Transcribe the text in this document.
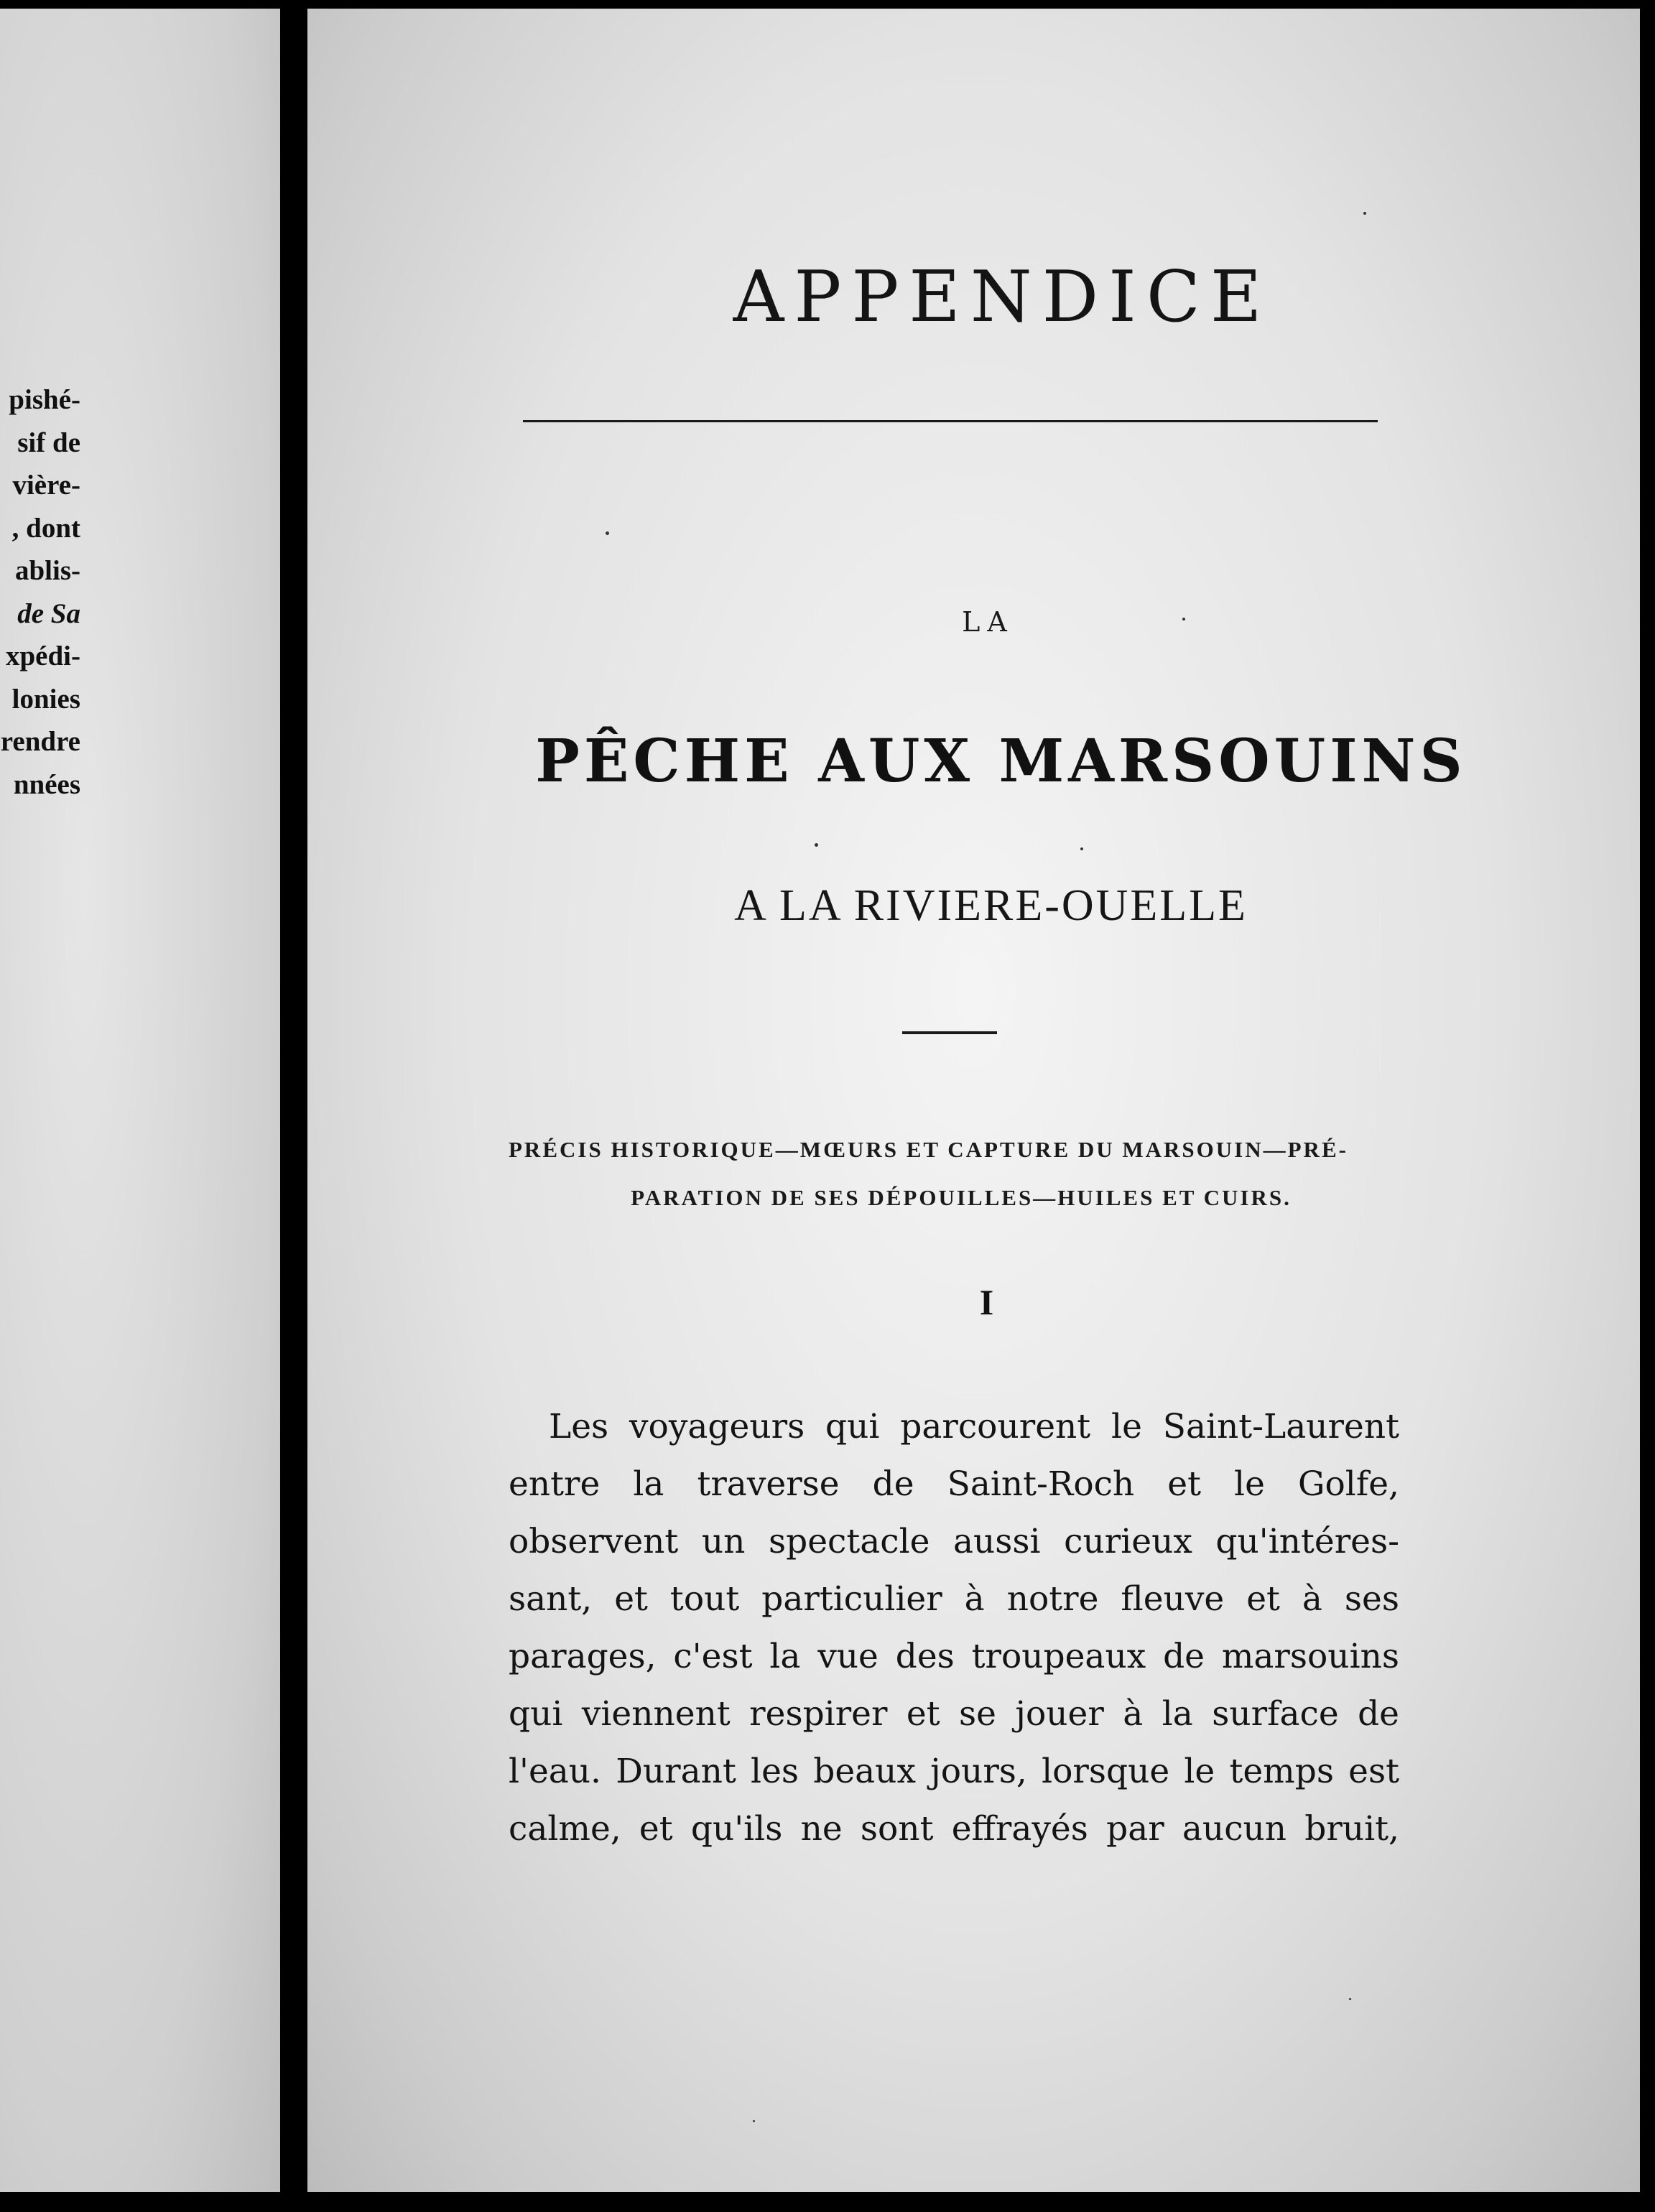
pishé-
sif de
vière-
, dont
ablis-
de Sa
xpédi-
lonies
rendre
nnées
APPENDICE
LA
PÊCHE AUX MARSOUINS
A LA RIVIERE-OUELLE
PRÉCIS HISTORIQUE—MŒURS ET CAPTURE DU MARSOUIN—PRÉ-
PARATION DE SES DÉPOUILLES—HUILES ET CUIRS.
I
Les voyageurs qui parcourent le Saint-Laurent
entre la traverse de Saint-Roch et le Golfe,
observent un spectacle aussi curieux qu'intéres-
sant, et tout particulier à notre fleuve et à ses
parages, c'est la vue des troupeaux de marsouins
qui viennent respirer et se jouer à la surface de
l'eau. Durant les beaux jours, lorsque le temps est
calme, et qu'ils ne sont effrayés par aucun bruit,
